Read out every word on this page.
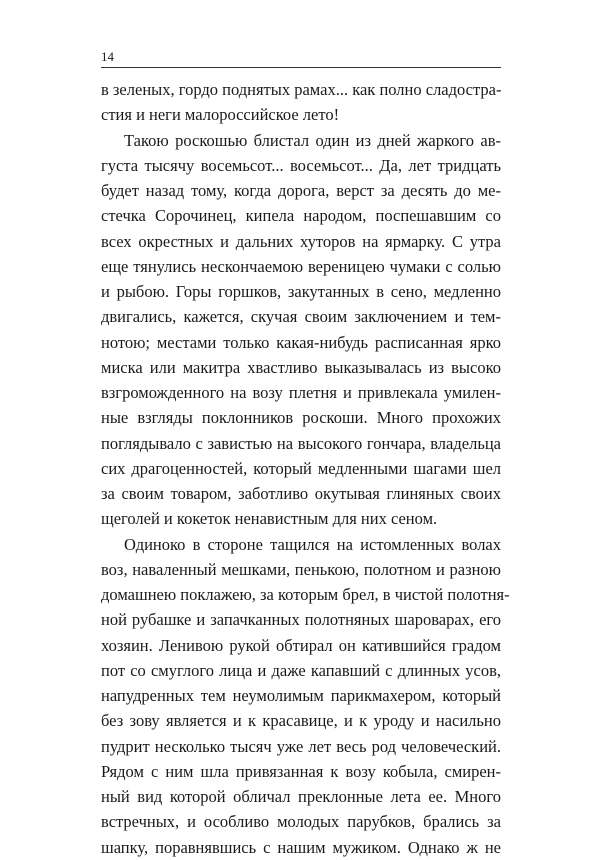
14
в зеленых, гордо поднятых рамах... как полно сладостра-
стия и неги малороссийское лето!
Такою роскошью блистал один из дней жаркого ав-
густа тысячу восемьсот... восемьсот... Да, лет тридцать
будет назад тому, когда дорога, верст за десять до ме-
стечка Сорочинец, кипела народом, поспешавшим со
всех окрестных и дальних хуторов на ярмарку. С утра
еще тянулись нескончаемою вереницею чумаки с солью
и рыбою. Горы горшков, закутанных в сено, медленно
двигались, кажется, скучая своим заключением и тем-
нотою; местами только какая-нибудь расписанная ярко
миска или макитра хвастливо выказывалась из высоко
взгроможденного на возу плетня и привлекала умилен-
ные взгляды поклонников роскоши. Много прохожих
поглядывало с завистью на высокого гончара, владельца
сих драгоценностей, который медленными шагами шел
за своим товаром, заботливо окутывая глиняных своих
щеголей и кокеток ненавистным для них сеном.
Одиноко в стороне тащился на истомленных волах
воз, наваленный мешками, пенькою, полотном и разною
домашнею поклажею, за которым брел, в чистой полотня-
ной рубашке и запачканных полотняных шароварах, его
хозяин. Ленивою рукой обтирал он катившийся градом
пот со смуглого лица и даже капавший с длинных усов,
напудренных тем неумолимым парикмахером, который
без зову является и к красавице, и к уроду и насильно
пудрит несколько тысяч уже лет весь род человеческий.
Рядом с ним шла привязанная к возу кобыла, смирен-
ный вид которой обличал преклонные лета ее. Много
встречных, и особливо молодых парубков, брались за
шапку, поравнявшись с нашим мужиком. Однако ж не
